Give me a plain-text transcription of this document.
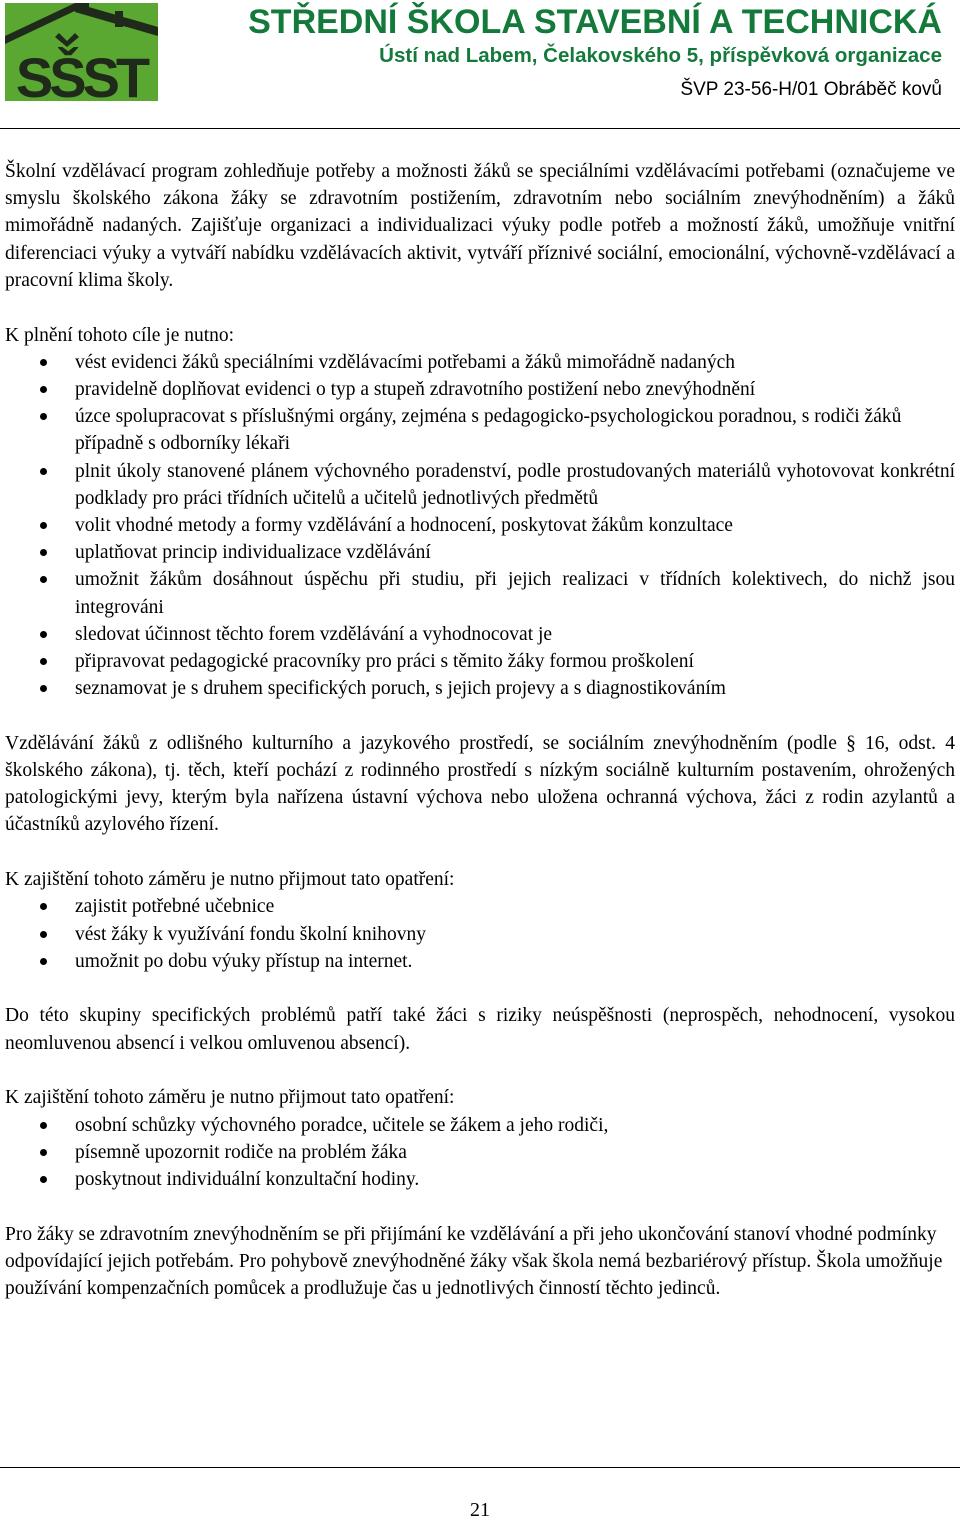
SŠST
STŘEDNÍ ŠKOLA STAVEBNÍ A TECHNICKÁ
Ústí nad Labem, Čelakovského 5, příspěvková organizace
ŠVP 23-56-H/01 Obráběč kovů

Školní vzdělávací program zohledňuje potřeby a možnosti žáků se speciálními vzdělávacími potřebami (označujeme ve smyslu školského zákona žáky se zdravotním postižením, zdravotním nebo sociálním znevýhodněním) a žáků mimořádně nadaných. Zajišťuje organizaci a individualizaci výuky podle potřeb a možností žáků, umožňuje vnitřní diferenciaci výuky a vytváří nabídku vzdělávacích aktivit, vytváří příznivé sociální, emocionální, výchovně-vzdělávací a pracovní klima školy.

K plnění tohoto cíle je nutno:

vést evidenci žáků speciálními vzdělávacími potřebami a žáků mimořádně nadaných
pravidelně doplňovat evidenci o typ a stupeň zdravotního postižení nebo znevýhodnění
úzce spolupracovat s příslušnými orgány, zejména s pedagogicko-psychologickou poradnou, s rodiči žáků případně s odborníky lékaři
plnit úkoly stanovené plánem výchovného poradenství, podle prostudovaných materiálů vyhotovovat konkrétní podklady pro práci třídních učitelů a učitelů jednotlivých předmětů
volit vhodné metody a formy vzdělávání a hodnocení, poskytovat žákům konzultace
uplatňovat princip individualizace vzdělávání
umožnit žákům dosáhnout úspěchu při studiu, při jejich realizaci v třídních kolektivech, do nichž jsou integrováni
sledovat účinnost těchto forem vzdělávání a vyhodnocovat je
připravovat pedagogické pracovníky pro práci s těmito žáky formou proškolení
seznamovat je s druhem specifických poruch, s jejich projevy a s diagnostikováním

Vzdělávání žáků z odlišného kulturního a jazykového prostředí, se sociálním znevýhodněním (podle § 16, odst. 4 školského zákona), tj. těch, kteří pochází z rodinného prostředí s nízkým sociálně kulturním postavením, ohrožených patologickými jevy, kterým byla nařízena ústavní výchova nebo uložena ochranná výchova, žáci z rodin azylantů a účastníků azylového řízení.

K zajištění tohoto záměru je nutno přijmout tato opatření:

zajistit potřebné učebnice
vést žáky k využívání fondu školní knihovny
umožnit po dobu výuky přístup na internet.

Do této skupiny specifických problémů patří také žáci s riziky neúspěšnosti (neprospěch, nehodnocení, vysokou neomluvenou absencí i velkou omluvenou absencí).

K zajištění tohoto záměru je nutno přijmout tato opatření:

osobní schůzky výchovného poradce, učitele se žákem a jeho rodiči,
písemně upozornit rodiče na problém žáka
poskytnout individuální konzultační hodiny.

Pro žáky se zdravotním znevýhodněním se při přijímání ke vzdělávání a při jeho ukončování stanoví vhodné podmínky odpovídající jejich potřebám. Pro pohybově znevýhodněné žáky však škola nemá bezbariérový přístup. Škola umožňuje používání kompenzačních pomůcek a prodlužuje čas u jednotlivých činností těchto jedinců.

21
